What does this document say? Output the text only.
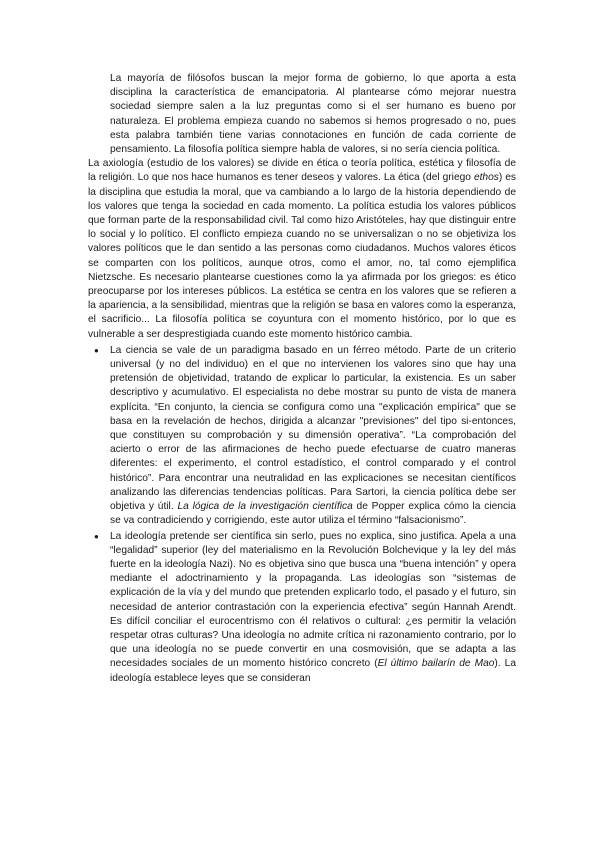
La mayoría de filósofos buscan la mejor forma de gobierno, lo que aporta a esta disciplina la característica de emancipatoria. Al plantearse cómo mejorar nuestra sociedad siempre salen a la luz preguntas como si el ser humano es bueno por naturaleza. El problema empieza cuando no sabemos si hemos progresado o no, pues esta palabra también tiene varias connotaciones en función de cada corriente de pensamiento. La filosofía política siempre habla de valores, si no sería ciencia política.

La axiología (estudio de los valores) se divide en ética o teoría política, estética y filosofía de la religión. Lo que nos hace humanos es tener deseos y valores. La ética (del griego ethos) es la disciplina que estudia la moral, que va cambiando a lo largo de la historia dependiendo de los valores que tenga la sociedad en cada momento. La política estudia los valores públicos que forman parte de la responsabilidad civil. Tal como hizo Aristóteles, hay que distinguir entre lo social y lo político. El conflicto empieza cuando no se universalizan o no se objetiviza los valores políticos que le dan sentido a las personas como ciudadanos. Muchos valores éticos se comparten con los políticos, aunque otros, como el amor, no, tal como ejemplifica Nietzsche. Es necesario plantearse cuestiones como la ya afirmada por los griegos: es ético preocuparse por los intereses públicos. La estética se centra en los valores que se refieren a la apariencia, a la sensibilidad, mientras que la religión se basa en valores como la esperanza, el sacrificio... La filosofía política se coyuntura con el momento histórico, por lo que es vulnerable a ser desprestigiada cuando este momento histórico cambia.

● La ciencia se vale de un paradigma basado en un férreo método. Parte de un criterio universal (y no del individuo) en el que no intervienen los valores sino que hay una pretensión de objetividad, tratando de explicar lo particular, la existencia. Es un saber descriptivo y acumulativo. El especialista no debe mostrar su punto de vista de manera explícita. “En conjunto, la ciencia se configura como una "explicación empírica" que se basa en la revelación de hechos, dirigida a alcanzar "previsiones" del tipo si-entonces, que constituyen su comprobación y su dimensión operativa”. “La comprobación del acierto o error de las afirmaciones de hecho puede efectuarse de cuatro maneras diferentes: el experimento, el control estadístico, el control comparado y el control histórico”. Para encontrar una neutralidad en las explicaciones se necesitan científicos analizando las diferencias tendencias políticas. Para Sartori, la ciencia política debe ser objetiva y útil. La lógica de la investigación científica de Popper explica cómo la ciencia se va contradiciendo y corrigiendo, este autor utiliza el término “falsacionismo”.
● La ideología pretende ser científica sin serlo, pues no explica, sino justifica. Apela a una “legalidad” superior (ley del materialismo en la Revolución Bolchevique y la ley del más fuerte en la ideología Nazi). No es objetiva sino que busca una “buena intención” y opera mediante el adoctrinamiento y la propaganda. Las ideologías son “sistemas de explicación de la vía y del mundo que pretenden explicarlo todo, el pasado y el futuro, sin necesidad de anterior contrastación con la experiencia efectiva” según Hannah Arendt. Es difícil conciliar el eurocentrismo con él relativos o cultural: ¿es permitir la velación respetar otras culturas? Una ideología no admite crítica ni razonamiento contrario, por lo que una ideología no se puede convertir en una cosmovisión, que se adapta a las necesidades sociales de un momento histórico concreto (El último bailarín de Mao). La ideología establece leyes que se consideran
